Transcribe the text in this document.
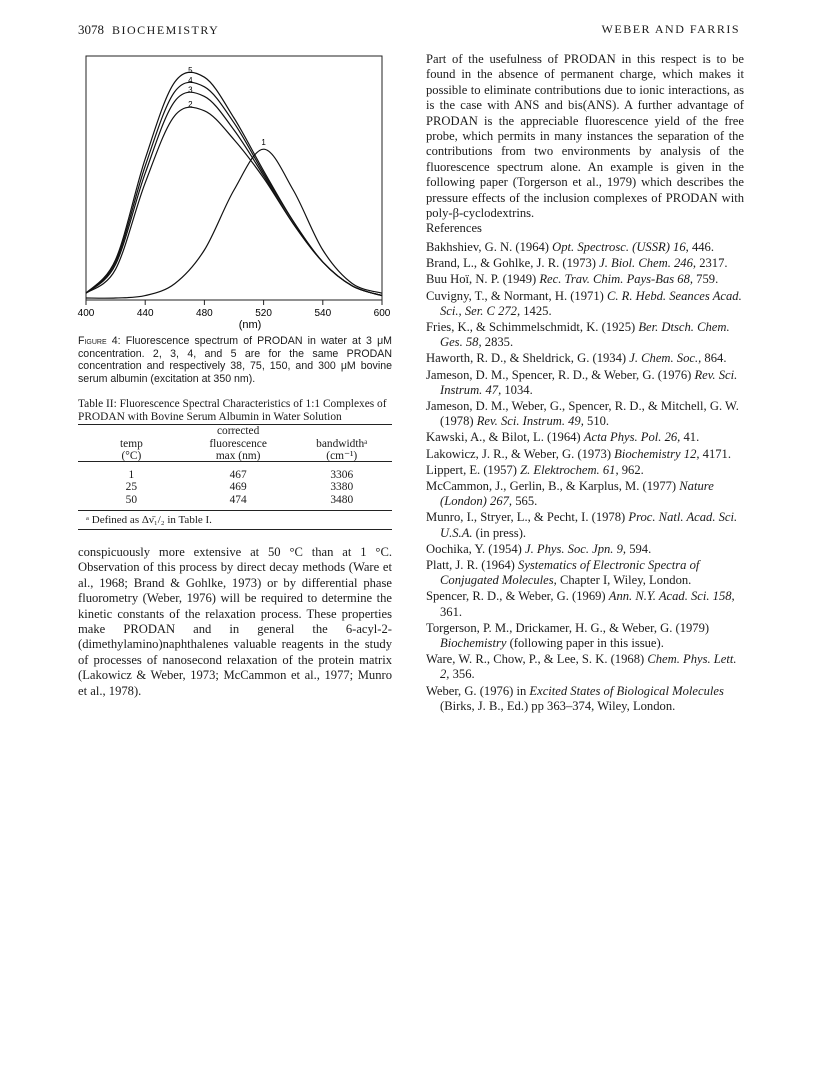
3078 BIOCHEMISTRY	WEBER AND FARRIS
1
2
3
4
5
400	440	480	520	540	600
(nm)
Figure 4: Fluorescence spectrum of PRODAN in water at 3 μM concentration. 2, 3, 4, and 5 are for the same PRODAN concentration and respectively 38, 75, 150, and 300 μM bovine serum albumin (excitation at 350 nm).
Table II: Fluorescence Spectral Characteristics of 1:1 Complexes of PRODAN with Bovine Serum Albumin in Water Solution
	corrected	
temp	fluorescence	bandwidthᵃ
(°C)	max (nm)	(cm⁻¹)
1	467	3306
25	469	3380
50	474	3480
ᵃ Defined as Δν̄₁/₂ in Table I.
conspicuously more extensive at 50 °C than at 1 °C. Observation of this process by direct decay methods (Ware et al., 1968; Brand & Gohlke, 1973) or by differential phase fluorometry (Weber, 1976) will be required to determine the kinetic constants of the relaxation process. These properties make PRODAN and in general the 6-acyl-2-(dimethylamino)naphthalenes valuable reagents in the study of processes of nanosecond relaxation of the protein matrix (Lakowicz & Weber, 1973; McCammon et al., 1977; Munro et al., 1978).
Part of the usefulness of PRODAN in this respect is to be found in the absence of permanent charge, which makes it possible to eliminate contributions due to ionic interactions, as is the case with ANS and bis(ANS). A further advantage of PRODAN is the appreciable fluorescence yield of the free probe, which permits in many instances the separation of the contributions from two environments by analysis of the fluorescence spectrum alone. An example is given in the following paper (Torgerson et al., 1979) which describes the pressure effects of the inclusion complexes of PRODAN with poly-β-cyclodextrins.
References
Bakhshiev, G. N. (1964) Opt. Spectrosc. (USSR) 16, 446.
Brand, L., & Gohlke, J. R. (1973) J. Biol. Chem. 246, 2317.
Buu Hoï, N. P. (1949) Rec. Trav. Chim. Pays-Bas 68, 759.
Cuvigny, T., & Normant, H. (1971) C. R. Hebd. Seances Acad. Sci., Ser. C 272, 1425.
Fries, K., & Schimmelschmidt, K. (1925) Ber. Dtsch. Chem. Ges. 58, 2835.
Haworth, R. D., & Sheldrick, G. (1934) J. Chem. Soc., 864.
Jameson, D. M., Spencer, R. D., & Weber, G. (1976) Rev. Sci. Instrum. 47, 1034.
Jameson, D. M., Weber, G., Spencer, R. D., & Mitchell, G. W. (1978) Rev. Sci. Instrum. 49, 510.
Kawski, A., & Bilot, L. (1964) Acta Phys. Pol. 26, 41.
Lakowicz, J. R., & Weber, G. (1973) Biochemistry 12, 4171.
Lippert, E. (1957) Z. Elektrochem. 61, 962.
McCammon, J., Gerlin, B., & Karplus, M. (1977) Nature (London) 267, 565.
Munro, I., Stryer, L., & Pecht, I. (1978) Proc. Natl. Acad. Sci. U.S.A. (in press).
Oochika, Y. (1954) J. Phys. Soc. Jpn. 9, 594.
Platt, J. R. (1964) Systematics of Electronic Spectra of Conjugated Molecules, Chapter I, Wiley, London.
Spencer, R. D., & Weber, G. (1969) Ann. N.Y. Acad. Sci. 158, 361.
Torgerson, P. M., Drickamer, H. G., & Weber, G. (1979) Biochemistry (following paper in this issue).
Ware, W. R., Chow, P., & Lee, S. K. (1968) Chem. Phys. Lett. 2, 356.
Weber, G. (1976) in Excited States of Biological Molecules (Birks, J. B., Ed.) pp 363–374, Wiley, London.
